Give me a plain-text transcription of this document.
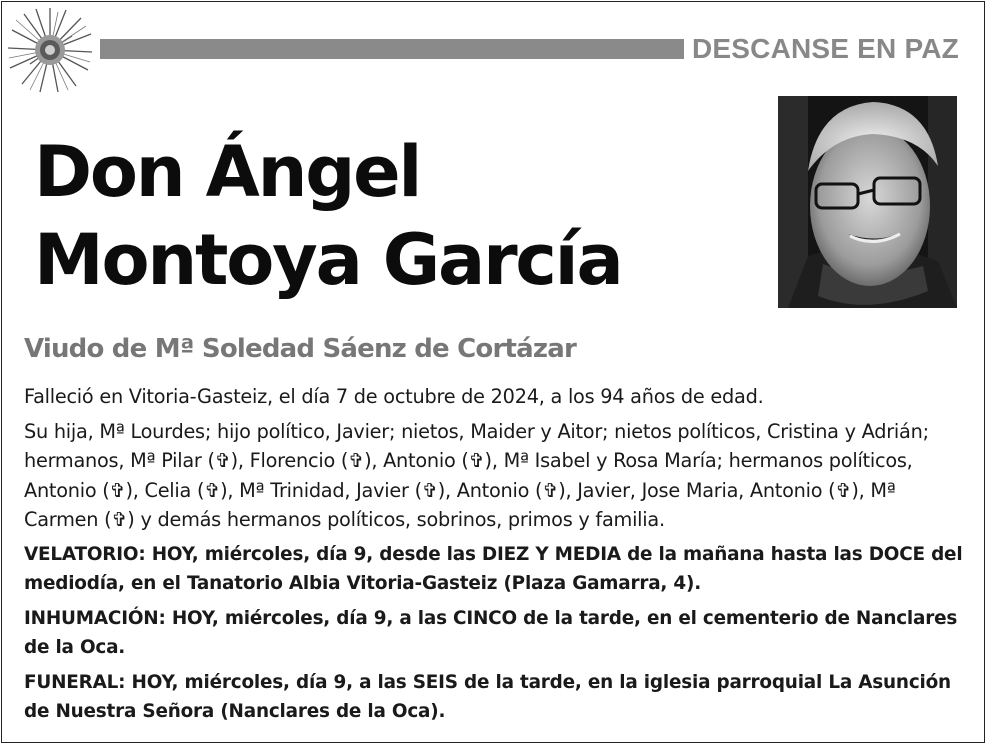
DESCANSE EN PAZ
Don Ángel
Montoya García
Viudo de Mª Soledad Sáenz de Cortázar

Falleció en Vitoria-Gasteiz, el día 7 de octubre de 2024, a los 94 años de edad.

Su hija, Mª Lourdes; hijo político, Javier; nietos, Maider y Aitor; nietos políticos, Cristina y Adrián; hermanos, Mª Pilar (✞), Florencio (✞), Antonio (✞), Mª Isabel y Rosa María; hermanos políticos, Antonio (✞), Celia (✞), Mª Trinidad, Javier (✞), Antonio (✞), Javier, Jose Maria, Antonio (✞), Mª Carmen (✞) y demás hermanos políticos, sobrinos, primos y familia.

VELATORIO: HOY, miércoles, día 9, desde las DIEZ Y MEDIA de la mañana hasta las DOCE del mediodía, en el Tanatorio Albia Vitoria-Gasteiz (Plaza Gamarra, 4).

INHUMACIÓN: HOY, miércoles, día 9, a las CINCO de la tarde, en el cementerio de Nanclares de la Oca.

FUNERAL: HOY, miércoles, día 9, a las SEIS de la tarde, en la iglesia parroquial La Asunción de Nuestra Señora (Nanclares de la Oca).
